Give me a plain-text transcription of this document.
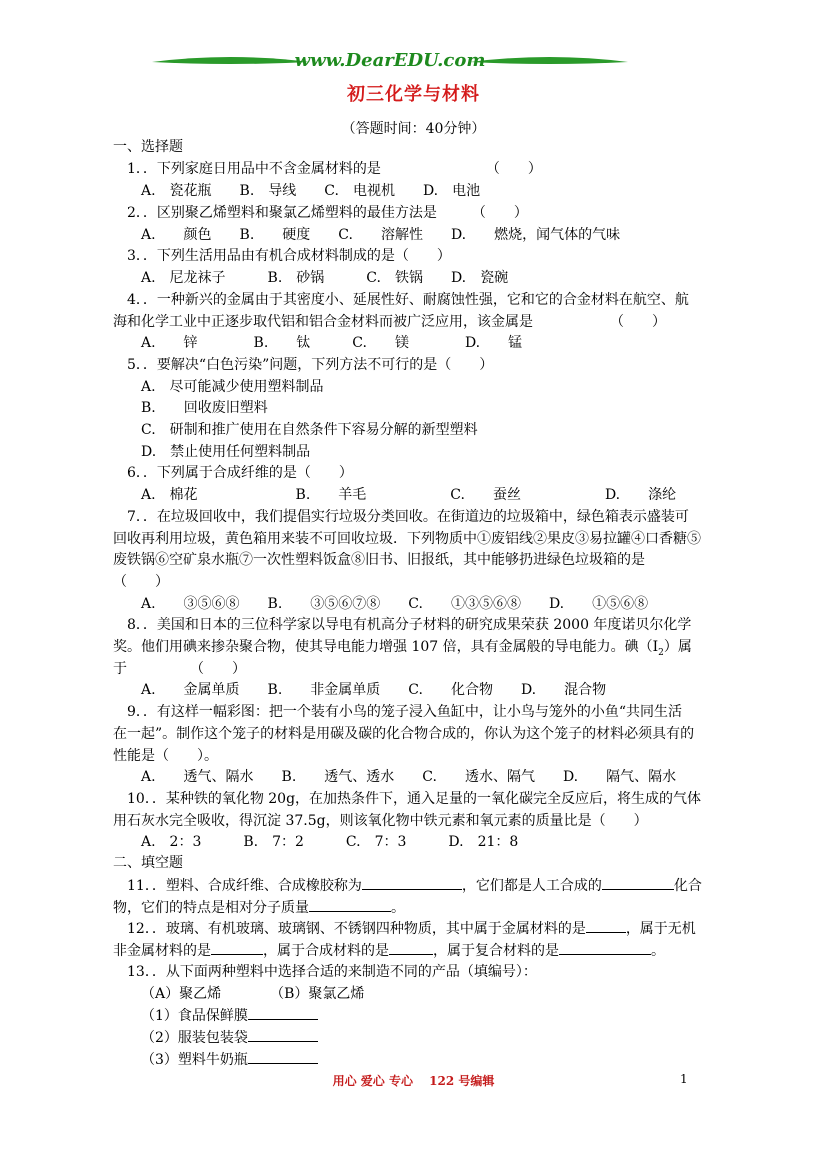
www.DearEDU.com
初三化学与材料
（答题时间：40分钟）
一、选择题
1．．下列家庭日用品中不含金属材料的是　　　　　　　　（　　）
A.　瓷花瓶　　B.　导线　　C.　电视机　　D.　电池
2．．区别聚乙烯塑料和聚氯乙烯塑料的最佳方法是　　　（　　）
A.　　颜色　　B.　　硬度　　C.　　溶解性　　D.　　燃烧，闻气体的气味
3．．下列生活用品由有机合成材料制成的是（　　）
A.　尼龙袜子　　　B.　砂锅　　　C.　铁锅　　D.　瓷碗
4．．一种新兴的金属由于其密度小、延展性好、耐腐蚀性强，它和它的合金材料在航空、航
海和化学工业中正逐步取代铝和铝合金材料而被广泛应用，该金属是　　　　　　（　　）
A.　　锌　　　　B.　　钛　　　C.　　镁　　　　D.　　锰
5．．要解决“白色污染”问题，下列方法不可行的是（　　）
A.　尽可能减少使用塑料制品
B.　　回收废旧塑料
C.　研制和推广使用在自然条件下容易分解的新型塑料
D.　禁止使用任何塑料制品
6．．下列属于合成纤维的是（　　）
A.　棉花　　　　　　　B.　　羊毛　　　　　　C.　　蚕丝　　　　　　D.　　涤纶
7．．在垃圾回收中，我们提倡实行垃圾分类回收。在街道边的垃圾箱中，绿色箱表示盛装可
回收再利用垃圾，黄色箱用来装不可回收垃圾．下列物质中①废铝线②果皮③易拉罐④口香糖⑤
废铁锅⑥空矿泉水瓶⑦一次性塑料饭盒⑧旧书、旧报纸，其中能够扔进绿色垃圾箱的是
（　　）
A.　　③⑤⑥⑧　　B.　　③⑤⑥⑦⑧　　C.　　①③⑤⑥⑧　　D.　　①⑤⑥⑧
8．．美国和日本的三位科学家以导电有机高分子材料的研究成果荣获 2000 年度诺贝尔化学
奖。他们用碘来掺杂聚合物，使其导电能力增强 107 倍，具有金属般的导电能力。碘$(I_2)$属
于　　　　　（　　）
A.　　金属单质　　B.　　非金属单质　　C.　　化合物　　D.　　混合物
9．．有这样一幅彩图：把一个装有小鸟的笼子浸入鱼缸中，让小鸟与笼外的小鱼“共同生活
在一起”。制作这个笼子的材料是用碳及碳的化合物合成的，你认为这个笼子的材料必须具有的
性能是（　　）。
A.　　透气、隔水　　B.　　透气、透水　　C.　　透水、隔气　　D.　　隔气、隔水
10．．某种铁的氧化物 20g，在加热条件下，通入足量的一氧化碳完全反应后，将生成的气体
用石灰水完全吸收，得沉淀 37.5g，则该氧化物中铁元素和氧元素的质量比是（　　）
A.　2：3　　　B.　7：2　　　C.　7：3　　　D.　21：8
二、填空题
11．．塑料、合成纤维、合成橡胶称为	，它们都是人工合成的	化合
物，它们的特点是相对分子质量	。
12．．玻璃、有机玻璃、玻璃钢、不锈钢四种物质，其中属于金属材料的是	，属于无机
非金属材料的是	，属于合成材料的是	，属于复合材料的是	。
13．．从下面两种塑料中选择合适的来制造不同的产品（填编号）：
（A）聚乙烯　　　　（B）聚氯乙烯
（1）食品保鲜膜
（2）服装包装袋
（3）塑料牛奶瓶
用心 爱心 专心　 122 号编辑	1
